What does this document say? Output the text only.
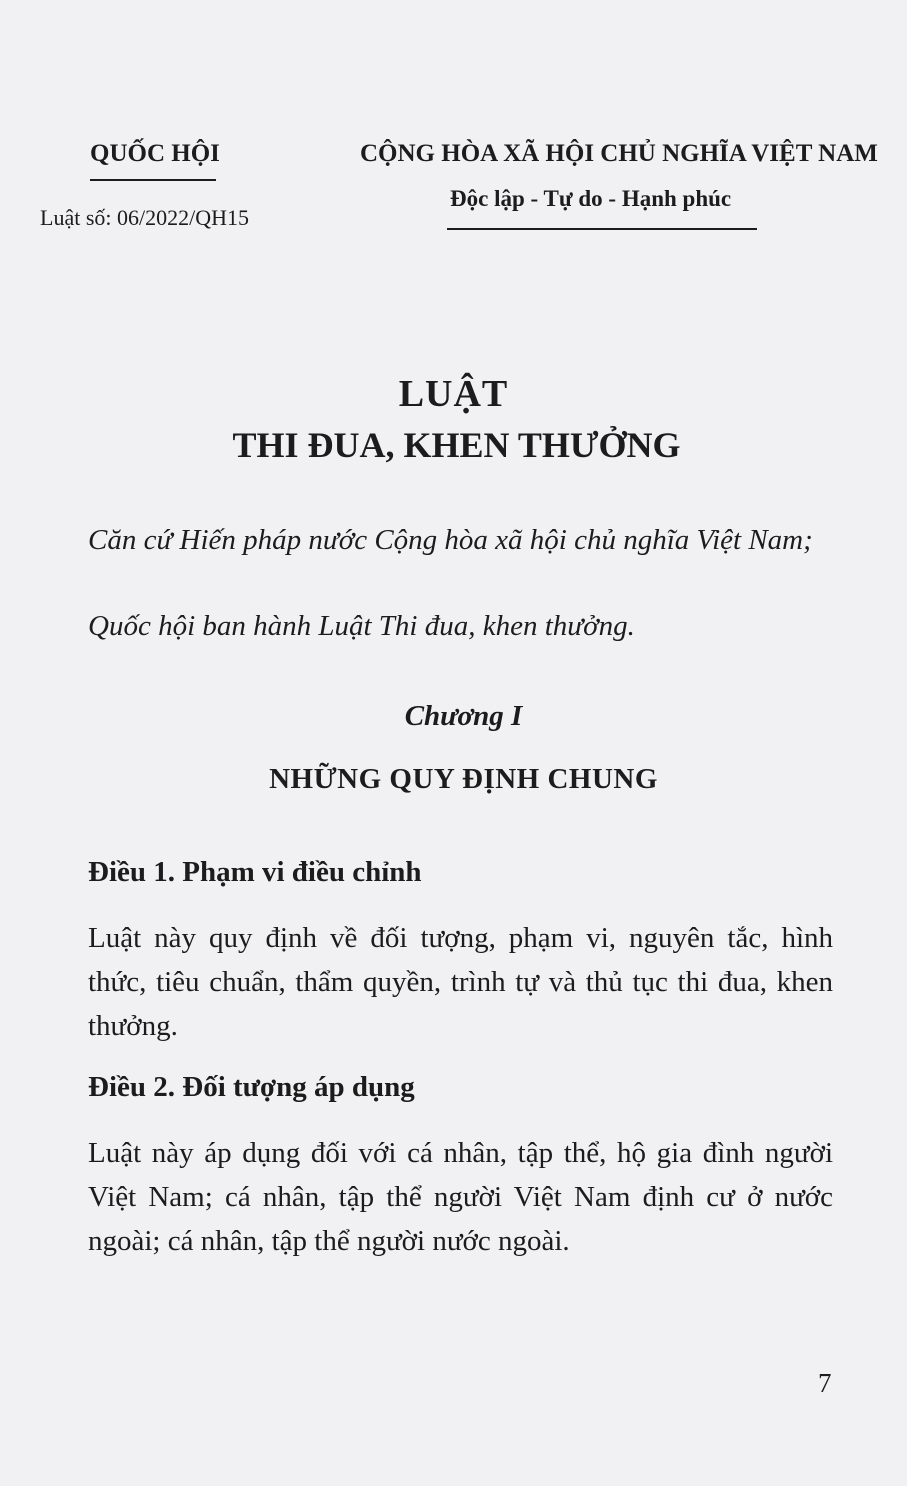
QUỐC HỘI
Luật số: 06/2022/QH15
CỘNG HÒA XÃ HỘI CHỦ NGHĨA VIỆT NAM
Độc lập - Tự do - Hạnh phúc
LUẬT
THI ĐUA, KHEN THƯỞNG
Căn cứ Hiến pháp nước Cộng hòa xã hội chủ nghĩa Việt Nam;
Quốc hội ban hành Luật Thi đua, khen thưởng.
Chương I
NHỮNG QUY ĐỊNH CHUNG
Điều 1. Phạm vi điều chỉnh
Luật này quy định về đối tượng, phạm vi, nguyên tắc, hình thức, tiêu chuẩn, thẩm quyền, trình tự và thủ tục thi đua, khen thưởng.
Điều 2. Đối tượng áp dụng
Luật này áp dụng đối với cá nhân, tập thể, hộ gia đình người Việt Nam; cá nhân, tập thể người Việt Nam định cư ở nước ngoài; cá nhân, tập thể người nước ngoài.
7
